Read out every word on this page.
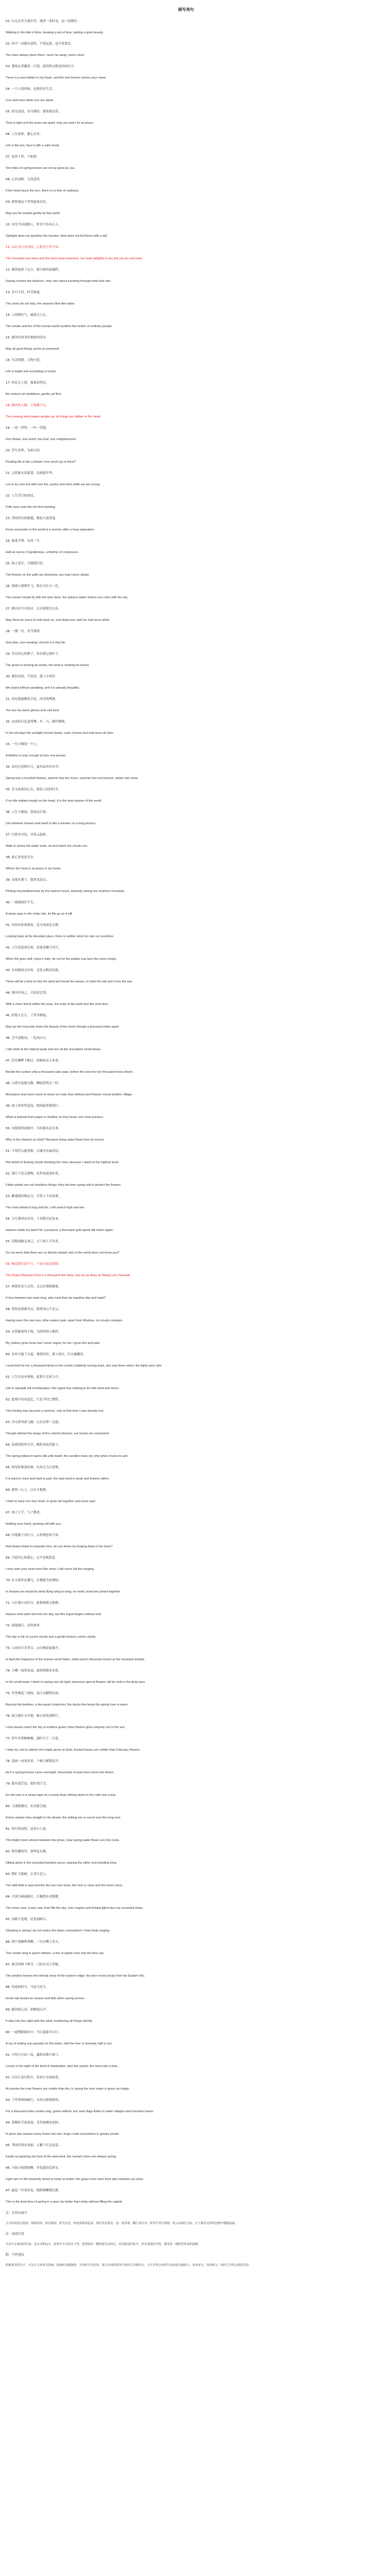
描写美句

01. 行走在岁月流年里，漫煮一壶时光，品一份静好。

Walking in the tide of time, brewing a pot of time, tasting a quiet beauty.

02. 你不一直都在那里，不曾远离，也不曾靠近。

You have always been there, never far away, never close.

03. 我的心里藏着一片海，海风吹过便是你的名字。

There is a sea hidden in my heart, and the sea breeze carries your name.

04. 一个人的时候，也要好好生活。

Live well even when you are alone.

05. 时光清浅，岁月静好，愿你我安然。

Time is light and the years are quiet; may you and I be at peace.

06. 人生如茶，静心以对。

Life is like tea; face it with a calm heart.

07. 春风十里，不如你。

Ten miles of spring breeze are not as good as you.

08. 心若向阳，无畏悲伤。

If the heart faces the sun, there is no fear of sadness.

09. 愿你被这个世界温柔以待。

May you be treated gently by this world.

10. 星光不问赶路人，时光不负有心人。

Starlight does not question the traveler; time does not fail those with a will.

11. 山有木兮木有枝，心悦君兮君不知。

The mountain has trees and the trees have branches; my heart delights in you but you do not know.

12. 既然选择了远方，便只顾风雨兼程。

Having chosen the distance, only care about traveling through wind and rain.

13. 岁月不居，时节如流。

The years do not stay; the seasons flow like water.

14. 人间烟火气，最抚凡人心。

The smoke and fire of the human world soothes the hearts of ordinary people.

15. 愿所有的美好都如约而至。

May all good things arrive as promised.

16. 生活明朗，万物可爱。

Life is bright and everything is lovely.

17. 知足且上进，温柔而坚定。

Be content yet ambitious, gentle yet firm.

18. 晚风吹人醒，万事藏于心。

The evening wind wakes people up; all things are hidden in the heart.

19. 一花一世界，一叶一菩提。

One flower, one world; one leaf, one enlightenment.

20. 浮生若梦，为欢几何。

Floating life is like a dream; how much joy is there?

21. 且将新火试新茶，诗酒趁年华。

Let us try new tea with new fire; poetry and wine while we are young.

22. 人生若只如初见。

If life were only like the first meeting.

23. 世间所有的相遇，都是久别重逢。

Every encounter in the world is a reunion after a long separation.

24. 温柔半两，从容一生。

Half an ounce of gentleness, a lifetime of composure.

25. 陌上花开，可缓缓归矣。

The flowers on the path are blooming; you may return slowly.

26. 落霞与孤鹜齐飞，秋水共长天一色。

The sunset clouds fly with the lone duck; the autumn water shares one color with the sky.

27. 愿有岁月可回首，且以深情共白头。

May there be years to look back on, and deep love until our hair turns white.

28. 一期一会，世当珍惜。

One time, one meeting; cherish it in this life.

29. 草在结它的种子，风在摇它的叶子。

The grass is bearing its seeds, the wind is shaking its leaves.

30. 我们站着，不说话，就十分美好。

We stand without speaking, and it is already beautiful.

31. 你是我温暖的手套，冰冷的啤酒。

You are my warm gloves and cold beer.

32. 从前的日色变得慢，车，马，邮件都慢。

In the old days the sunlight moved slowly; carts, horses and mail were all slow.

33. 一生只够爱一个人。

A lifetime is only enough to love one person.

34. 春有百花秋有月，夏有凉风冬有雪。

Spring has a hundred flowers, autumn has the moon, summer has cool breeze, winter has snow.

35. 若无闲事挂心头，便是人间好时节。

If no idle matters weigh on the heart, it is the best season of the world.

36. 人生天地间，忽如远行客。

Life between heaven and earth is like a traveler on a long journey.

37. 行到水穷处，坐看云起时。

Walk to where the water ends, sit and watch the clouds rise.

38. 此心安处是吾乡。

Where the heart is at peace is my home.

39. 采菊东篱下，悠然见南山。

Picking chrysanthemums by the eastern fence, leisurely seeing the southern mountain.

40. 一蓑烟雨任平生。

A straw cape in the misty rain, let life go as it will.

41. 回首向来萧瑟处，也无风雨也无晴。

Looking back at the desolate place, there is neither wind nor rain nor sunshine.

42. 人生得意须尽欢，莫使金樽空对月。

When life goes well, enjoy it fully; do not let the golden cup face the moon empty.

43. 长风破浪会有时，直挂云帆济沧海。

There will be a time to ride the wind and break the waves, to hoist the sail and cross the sea.

44. 海内存知己，天涯若比邻。

With a close friend within the seas, the ends of the earth feel like next door.

45. 但愿人长久，千里共婵娟。

May we live long and share the beauty of the moon though a thousand miles apart.

46. 会当凌绝顶，一览众山小。

I will climb to the highest peak and see all the mountains small below.

47. 沉舟侧畔千帆过，病树前头万木春。

Beside the sunken ship a thousand sails pass; before the sick tree ten thousand trees bloom.

48. 山重水复疑无路，柳暗花明又一村。

Mountains and rivers seem to leave no road, then willows and flowers reveal another village.

49. 纸上得来终觉浅，绝知此事要躬行。

What is learned from paper is shallow; to truly know, one must practice.

50. 问渠那得清如许，为有源头活水来。

Why is the channel so clear? Because living water flows from its source.

51. 不畏浮云遮望眼，自缘身在最高层。

Not afraid of floating clouds blocking the view, because I stand at the highest level.

52. 落红不是无情物，化作春泥更护花。

Fallen petals are not heartless things; they become spring soil to protect the flowers.

53. 路漫漫其修远兮，吾将上下而求索。

The road ahead is long and far; I will search high and low.

54. 天生我材必有用，千金散尽还复来。

Heaven made my talent for a purpose; a thousand gold spent will return again.

55. 莫愁前路无知己，天下谁人不识君。

Do not worry that there are no friends ahead; who in the world does not know you?

56. 桃花潭水深千尺，不及汪伦送我情。

The Peach Blossom Pool is a thousand feet deep, but not as deep as Wang Lun's farewell.

57. 两情若是久长时，又岂在朝朝暮暮。

If love between two lasts long, why must they be together day and night?

58. 曾经沧海难为水，除却巫山不是云。

Having seen the vast sea, other waters pale; apart from Wushan, no clouds compare.

59. 衣带渐宽终不悔，为伊消得人憔悴。

My clothes grow loose but I never regret; for her I grow thin and pale.

60. 众里寻他千百度，蓦然回首，那人却在，灯火阑珊处。

I searched for her a thousand times in the crowd; suddenly turning back, she was there where the lights were dim.

61. 人生自是有情痴，此恨不关风与月。

Life is naturally full of infatuation; this regret has nothing to do with wind and moon.

62. 此情可待成追忆，只是当时已惘然。

This feeling may become a memory, only at that time I was already lost.

63. 身无彩凤双飞翼，心有灵犀一点通。

Though without the wings of the colorful phoenix, our hearts are connected.

64. 春蚕到死丝方尽，蜡炬成灰泪始干。

The spring silkworm spins silk until death; the candle's tears dry only when it turns to ash.

65. 相见时难别亦难，东风无力百花残。

It is hard to meet and hard to part; the east wind is weak and flowers wither.

66. 愿得一心人，白头不相离。

I wish to have one true heart, to grow old together and never part.

67. 执子之手，与子偕老。

Holding your hand, growing old with you.

68. 玲珑骰子安红豆，入骨相思知不知。

Red beans inlaid in exquisite dice; do you know my longing deep in the bone?

69. 只愿君心似我心，定不负相思意。

I only wish your heart were like mine; I will never fail this longing.

70. 在天愿作比翼鸟，在地愿为连理枝。

In heaven we would be birds flying wing to wing; on earth, branches joined together.

71. 天长地久有时尽，此恨绵绵无绝期。

Heaven and earth will end one day, but this regret lingers without end.

72. 落霞满天，清风徐来。

The sky is full of sunset clouds and a gentle breeze comes slowly.

73. 人间四月芳菲尽，山寺桃花始盛开。

In April the fragrance of the human world fades, while peach blossoms bloom at the mountain temple.

74. 小楼一夜听春雨，深巷明朝卖杏花。

In the small tower I listen to spring rain all night; tomorrow apricot flowers will be sold in the deep lane.

75. 竹外桃花三两枝，春江水暖鸭先知。

Beyond the bamboo, a few peach branches; the ducks first know the spring river is warm.

76. 接天莲叶无穷碧，映日荷花别样红。

Lotus leaves reach the sky in endless green; lotus flowers glow uniquely red in the sun.

77. 停车坐爱枫林晚，霜叶红于二月花。

I stop my cart to admire the maple grove at dusk; frosted leaves are redder than February flowers.

78. 忽如一夜春风来，千树万树梨花开。

As if a spring breeze came overnight, thousands of pear trees burst into bloom.

79. 孤舟蓑笠翁，独钓寒江雪。

An old man in a straw cape on a lonely boat, fishing alone in the cold river snow.

80. 大漠孤烟直，长河落日圆。

A lone smoke rises straight in the desert; the setting sun is round over the long river.

81. 明月松间照，清泉石上流。

The bright moon shines between the pines; clear spring water flows over the rocks.

82. 独坐幽篁里，弹琴复长啸。

Sitting alone in the secluded bamboo grove, playing the zither and whistling long.

83. 野旷天低树，江清月近人。

The wild field is vast and the sky low over trees; the river is clear and the moon close.

84. 月落乌啼霜满天，江枫渔火对愁眠。

The moon sets, crows caw, frost fills the sky; river maples and fishing lights face my sorrowful sleep.

85. 春眠不觉晓，处处闻啼鸟。

Sleeping in spring I do not notice the dawn; everywhere I hear birds singing.

86. 两个黄鹂鸣翠柳，一行白鹭上青天。

Two orioles sing in green willows; a line of egrets rises into the blue sky.

87. 窗含西岭千秋雪，门泊东吴万里船。

The window frames the eternal snow of the western ridge; the door moors boats from far Eastern Wu.

88. 好雨知时节，当春乃发生。

Good rain knows its season and falls when spring arrives.

89. 随风潜入夜，润物细无声。

It slips into the night with the wind, moistening all things silently.

90. 一道残阳铺水中，半江瑟瑟半江红。

A ray of setting sun spreads on the water; half the river is emerald, half is red.

91. 可怜九月初三夜，露似真珠月似弓。

Lovely is the night of the third of September; dew like pearls, the moon like a bow.

92. 日出江花红胜火，春来江水绿如蓝。

At sunrise the river flowers are redder than fire; in spring the river water is green as indigo.

93. 千里莺啼绿映红，水村山郭酒旗风。

For a thousand miles orioles sing, green reflects red; wine flags flutter in water villages and mountain towns.

94. 黄梅时节家家雨，青草池塘处处蛙。

In plum rain season every home has rain; frogs croak everywhere in grassy ponds.

95. 等闲识得东风面，万紫千红总是春。

Easily recognizing the face of the east wind, the myriad colors are always spring.

96. 天街小雨润如酥，草色遥看近却无。

Light rain on the heavenly street is moist as butter; the grass color seen from afar vanishes up close.

97. 最是一年春好处，绝胜烟柳满皇都。

This is the best time of spring in a year, far better than misty willows filling the capital.

注：长短句改写
五月的风吹过窗前，树影摇曳，阳光斑驳，时光在这一刻变得温柔起来。我们坐在窗边，泡一壶清茶，翻几页旧书，听风声穿过树梢，看云朵漫过天际，日子便在这样的安静中慢慢流淌。
注：原创片段
生活不止眼前的忙碌，还有诗和远方。愿你在平凡的日子里，依然保有一颗热爱生活的心，看见路边的花开，听见清晨的鸟鸣，感受每一缕阳光带来的温暖。
附：写作建议
积累优美的句子，可以让文章更有韵味。阅读时多做摘抄，写作时学会化用，将古诗词的意境与现代生活相结合，文字自然会变得生动而富有感染力。多读多写，坚持练习，你的文字终会绽放光彩。
